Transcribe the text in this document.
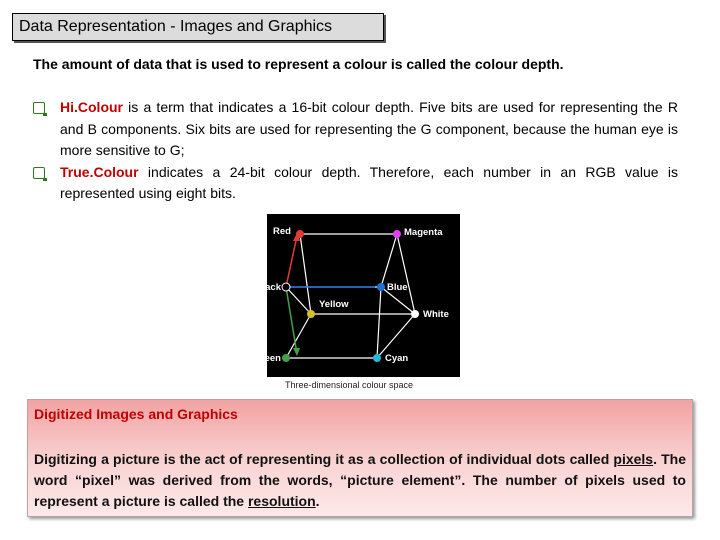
Data Representation - Images and Graphics
The amount of data that is used to represent a colour is called the colour depth.
Hi.Colour is a term that indicates a 16-bit colour depth. Five bits are used for representing the R and B components. Six bits are used for representing the G component, because the human eye is more sensitive to G;
True.Colour indicates a 24-bit colour depth. Therefore, each number in an RGB value is represented using eight bits.
Red	Magenta
Black	Blue
Yellow
White
Green	Cyan
Three-dimensional colour space
Digitized Images and Graphics
Digitizing a picture is the act of representing it as a collection of individual dots called pixels. The word “pixel” was derived from the words, “picture element”. The number of pixels used to represent a picture is called the resolution.
